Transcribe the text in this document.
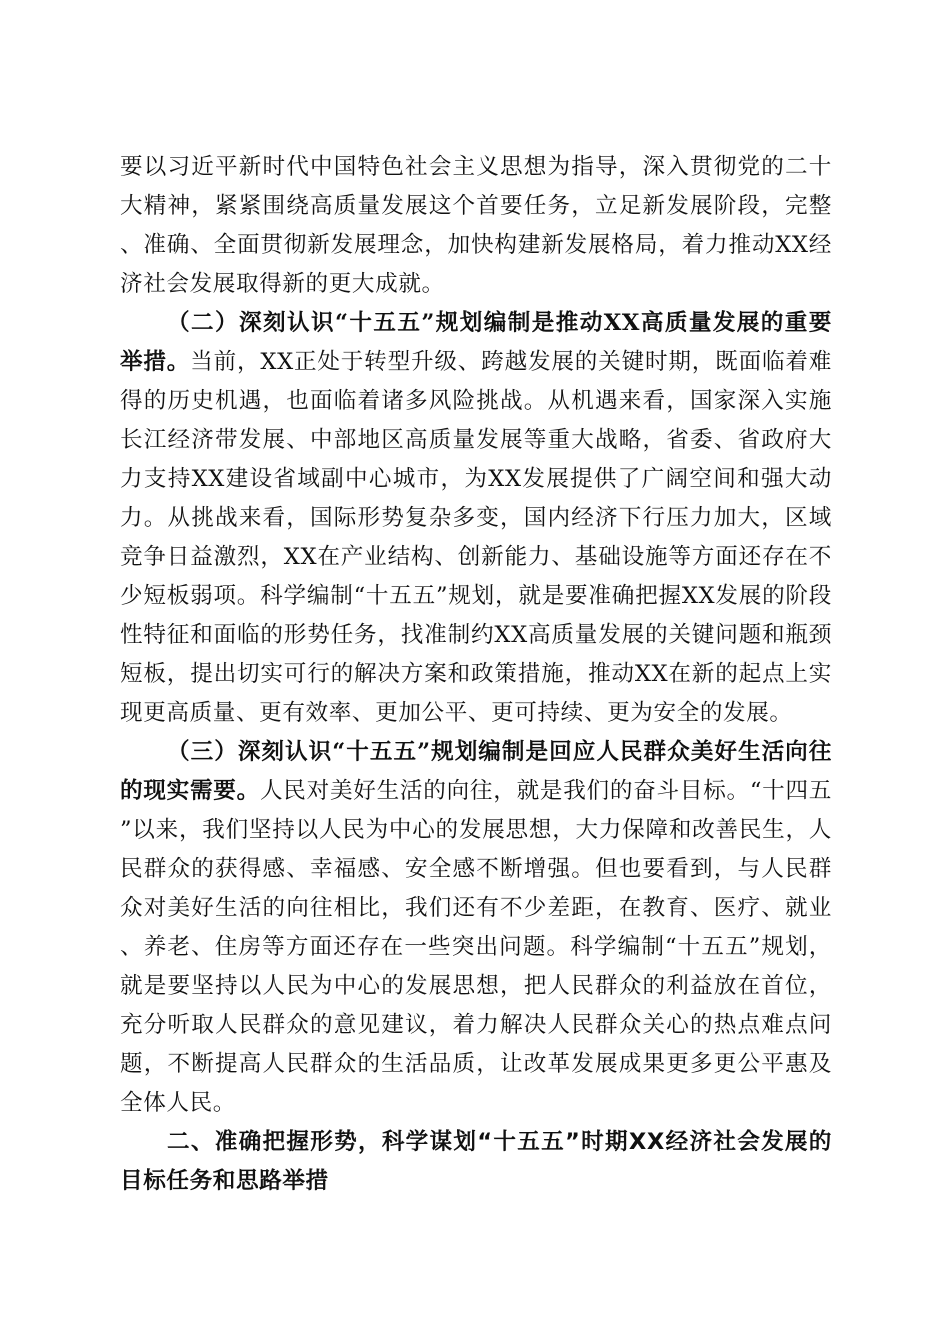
要以习近平新时代中国特色社会主义思想为指导，深入贯彻党的二十大精神，紧紧围绕高质量发展这个首要任务，立足新发展阶段，完整、准确、全面贯彻新发展理念，加快构建新发展格局，着力推动XX经济社会发展取得新的更大成就。

（二）深刻认识“十五五”规划编制是推动XX高质量发展的重要举措。当前，XX正处于转型升级、跨越发展的关键时期，既面临着难得的历史机遇，也面临着诸多风险挑战。从机遇来看，国家深入实施长江经济带发展、中部地区高质量发展等重大战略，省委、省政府大力支持XX建设省域副中心城市，为XX发展提供了广阔空间和强大动力。从挑战来看，国际形势复杂多变，国内经济下行压力加大，区域竞争日益激烈，XX在产业结构、创新能力、基础设施等方面还存在不少短板弱项。科学编制“十五五”规划，就是要准确把握XX发展的阶段性特征和面临的形势任务，找准制约XX高质量发展的关键问题和瓶颈短板，提出切实可行的解决方案和政策措施，推动XX在新的起点上实现更高质量、更有效率、更加公平、更可持续、更为安全的发展。

（三）深刻认识“十五五”规划编制是回应人民群众美好生活向往的现实需要。人民对美好生活的向往，就是我们的奋斗目标。“十四五”以来，我们坚持以人民为中心的发展思想，大力保障和改善民生，人民群众的获得感、幸福感、安全感不断增强。但也要看到，与人民群众对美好生活的向往相比，我们还有不少差距，在教育、医疗、就业、养老、住房等方面还存在一些突出问题。科学编制“十五五”规划，就是要坚持以人民为中心的发展思想，把人民群众的利益放在首位，充分听取人民群众的意见建议，着力解决人民群众关心的热点难点问题，不断提高人民群众的生活品质，让改革发展成果更多更公平惠及全体人民。

二、准确把握形势，科学谋划“十五五”时期XX经济社会发展的目标任务和思路举措
